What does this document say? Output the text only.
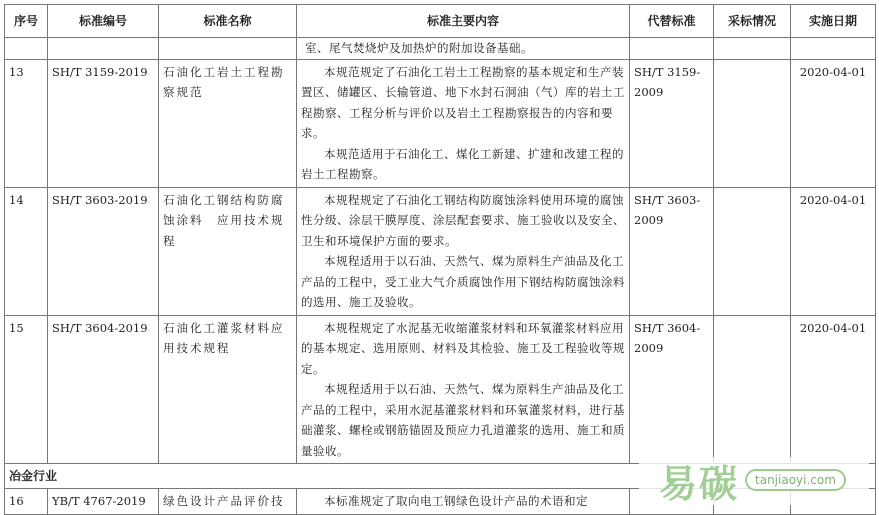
序号	标准编号	标准名称	标准主要内容	代替标准	采标情况	实施日期

			室、尾气焚烧炉及加热炉的附加设备基础。			

13	SH/T 3159-2019	石油化工岩土工程勘察规范	本规范规定了石油化工岩土工程勘察的基本规定和生产装置区、储罐区、长输管道、地下水封石洞油（气）库的岩土工程勘察、工程分析与评价以及岩土工程勘察报告的内容和要求。

本规范适用于石油化工、煤化工新建、扩建和改建工程的岩土工程勘察。	SH/T 3159-2009		2020-04-01
14	SH/T 3603-2019	石油化工钢结构防腐蚀涂料　应用技术规程	本规程规定了石油化工钢结构防腐蚀涂料使用环境的腐蚀性分级、涂层干膜厚度、涂层配套要求、施工验收以及安全、卫生和环境保护方面的要求。

本规程适用于以石油、天然气、煤为原料生产油品及化工产品的工程中，受工业大气介质腐蚀作用下钢结构防腐蚀涂料的选用、施工及验收。	SH/T 3603-2009		2020-04-01
15	SH/T 3604-2019	石油化工灌浆材料应用技术规程	本规程规定了水泥基无收缩灌浆材料和环氧灌浆材料应用的基本规定、选用原则、材料及其检验、施工及工程验收等规定。

本规程适用于以石油、天然气、煤为原料生产油品及化工产品的工程中，采用水泥基灌浆材料和环氧灌浆材料，进行基础灌浆、螺栓或钢筋锚固及预应力孔道灌浆的选用、施工和质量验收。	SH/T 3604-2009		2020-04-01
冶金行业						
16	YB/T 4767-2019	绿色设计产品评价技	本标准规定了取向电工钢绿色设计产品的术语和定			

				易碳	tanjiaoyi.com
